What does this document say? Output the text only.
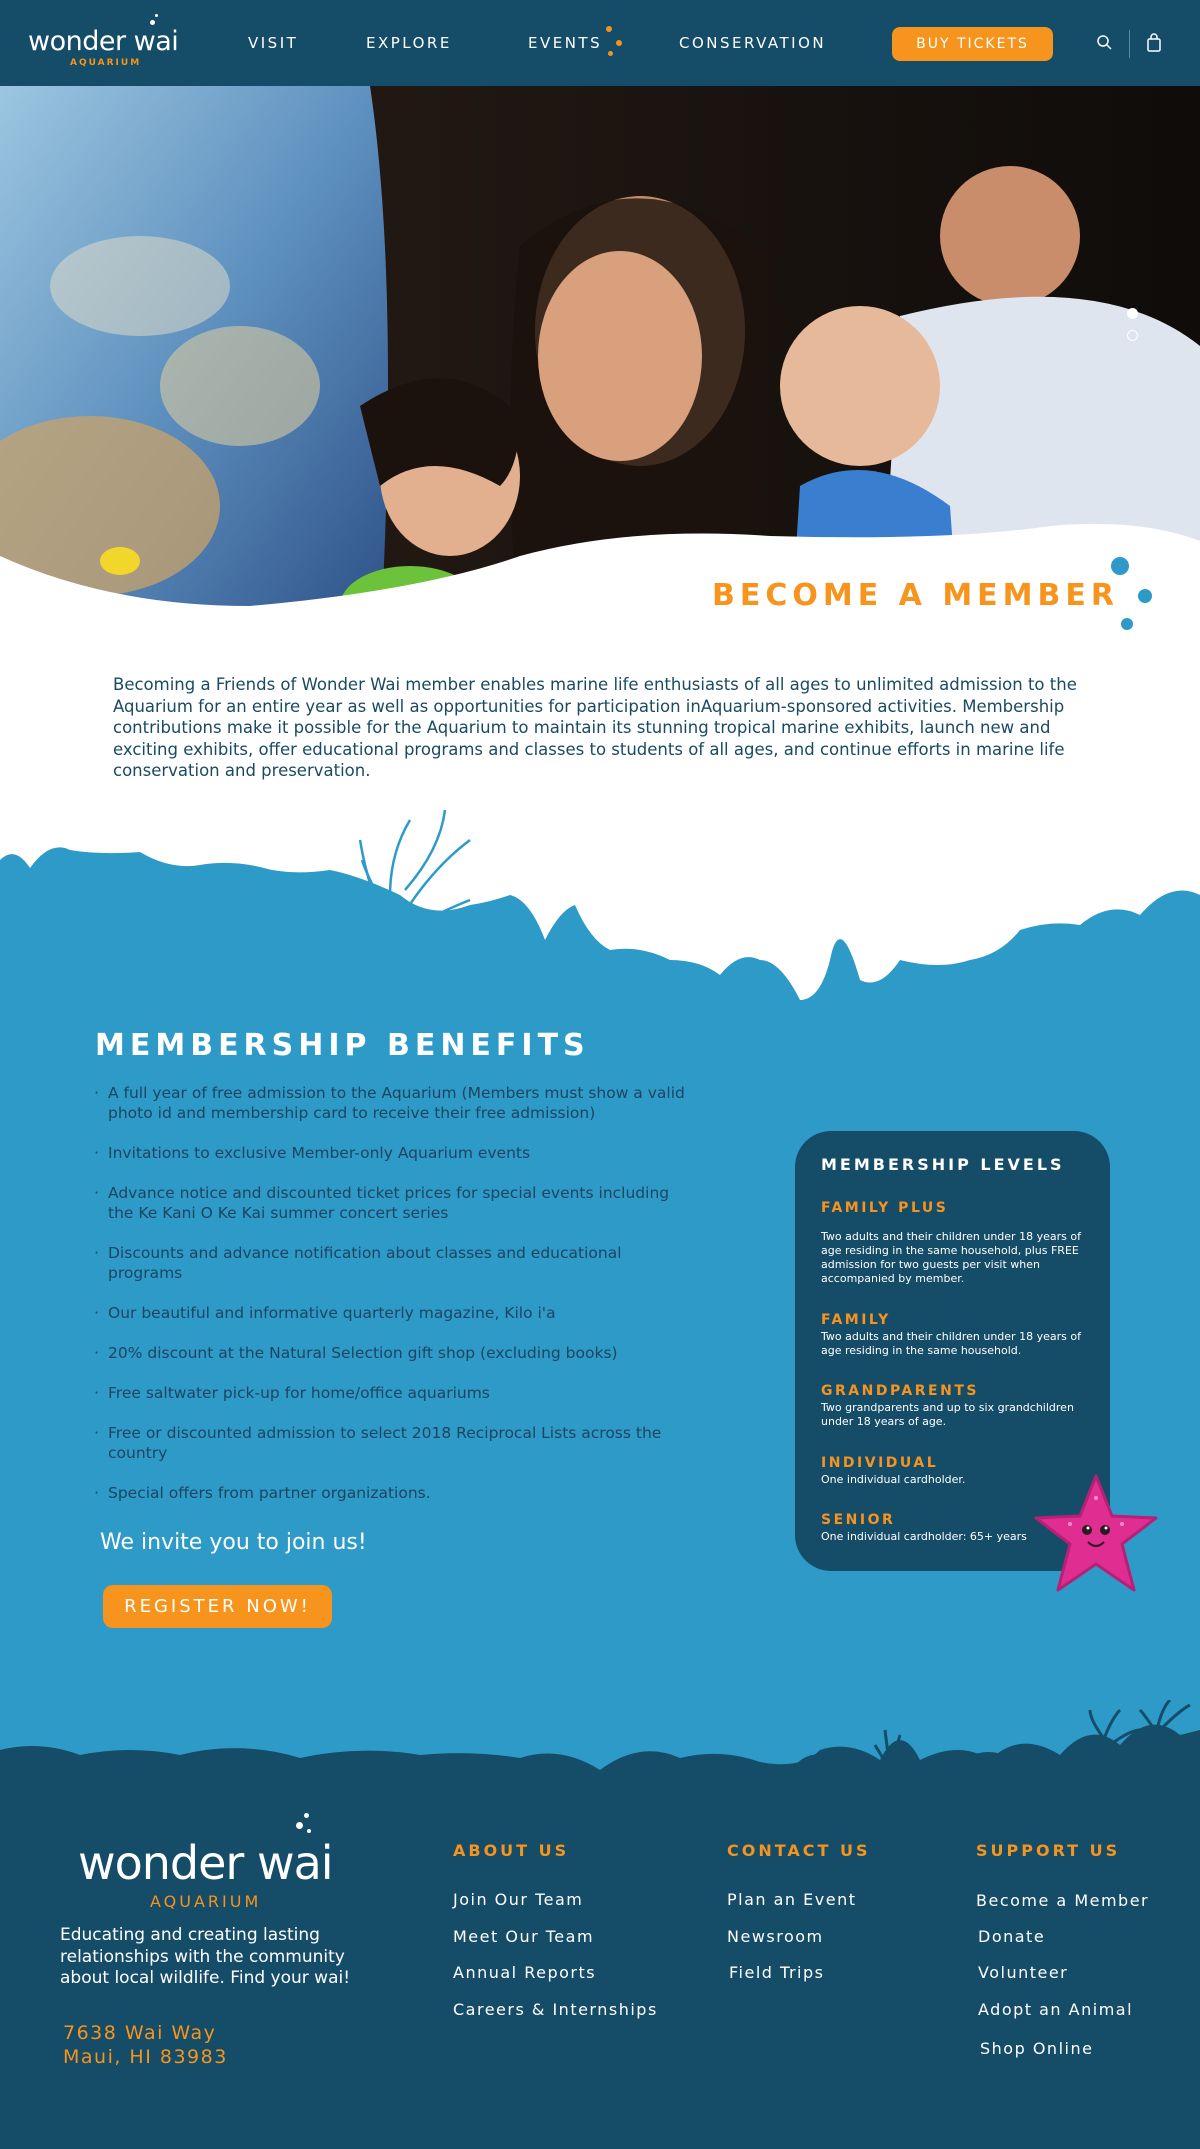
wonder wai
AQUARIUM
VISIT	EXPLORE	EVENTS	CONSERVATION	BUY TICKETS
BECOME A MEMBER

Becoming a Friends of Wonder Wai member enables marine life enthusiasts of all ages to unlimited admission to the Aquarium for an entire year as well as opportunities for participation inAquarium-sponsored activities. Membership contributions make it possible for the Aquarium to maintain its stunning tropical marine exhibits, launch new and exciting exhibits, offer educational programs and classes to students of all ages, and continue efforts in marine life conservation and preservation.

MEMBERSHIP BENEFITS

· A full year of free admission to the Aquarium (Members must show a valid photo id and membership card to receive their free admission)

· Invitations to exclusive Member-only Aquarium events

· Advance notice and discounted ticket prices for special events including the Ke Kani O Ke Kai summer concert series

· Discounts and advance notification about classes and educational programs

· Our beautiful and informative quarterly magazine, Kilo i'a

· 20% discount at the Natural Selection gift shop (excluding books)

· Free saltwater pick-up for home/office aquariums

· Free or discounted admission to select 2018 Reciprocal Lists across the country

· Special offers from partner organizations.

We invite you to join us!
REGISTER NOW!
MEMBERSHIP LEVELS
FAMILY PLUS
Two adults and their children under 18 years of age residing in the same household, plus FREE admission for two guests per visit when accompanied by member.
FAMILY
Two adults and their children under 18 years of age residing in the same household.
GRANDPARENTS
Two grandparents and up to six grandchildren under 18 years of age.
INDIVIDUAL
One individual cardholder.
SENIOR
One individual cardholder: 65+ years
wonder wai
AQUARIUM

Educating and creating lasting relationships with the community about local wildlife. Find your wai!

7638 Wai Way
Maui, HI 83983
ABOUT US
Join Our Team
Meet Our Team
Annual Reports
Careers & Internships
CONTACT US
Plan an Event
Newsroom
Field Trips
SUPPORT US
Become a Member
Donate
Volunteer
Adopt an Animal
Shop Online
